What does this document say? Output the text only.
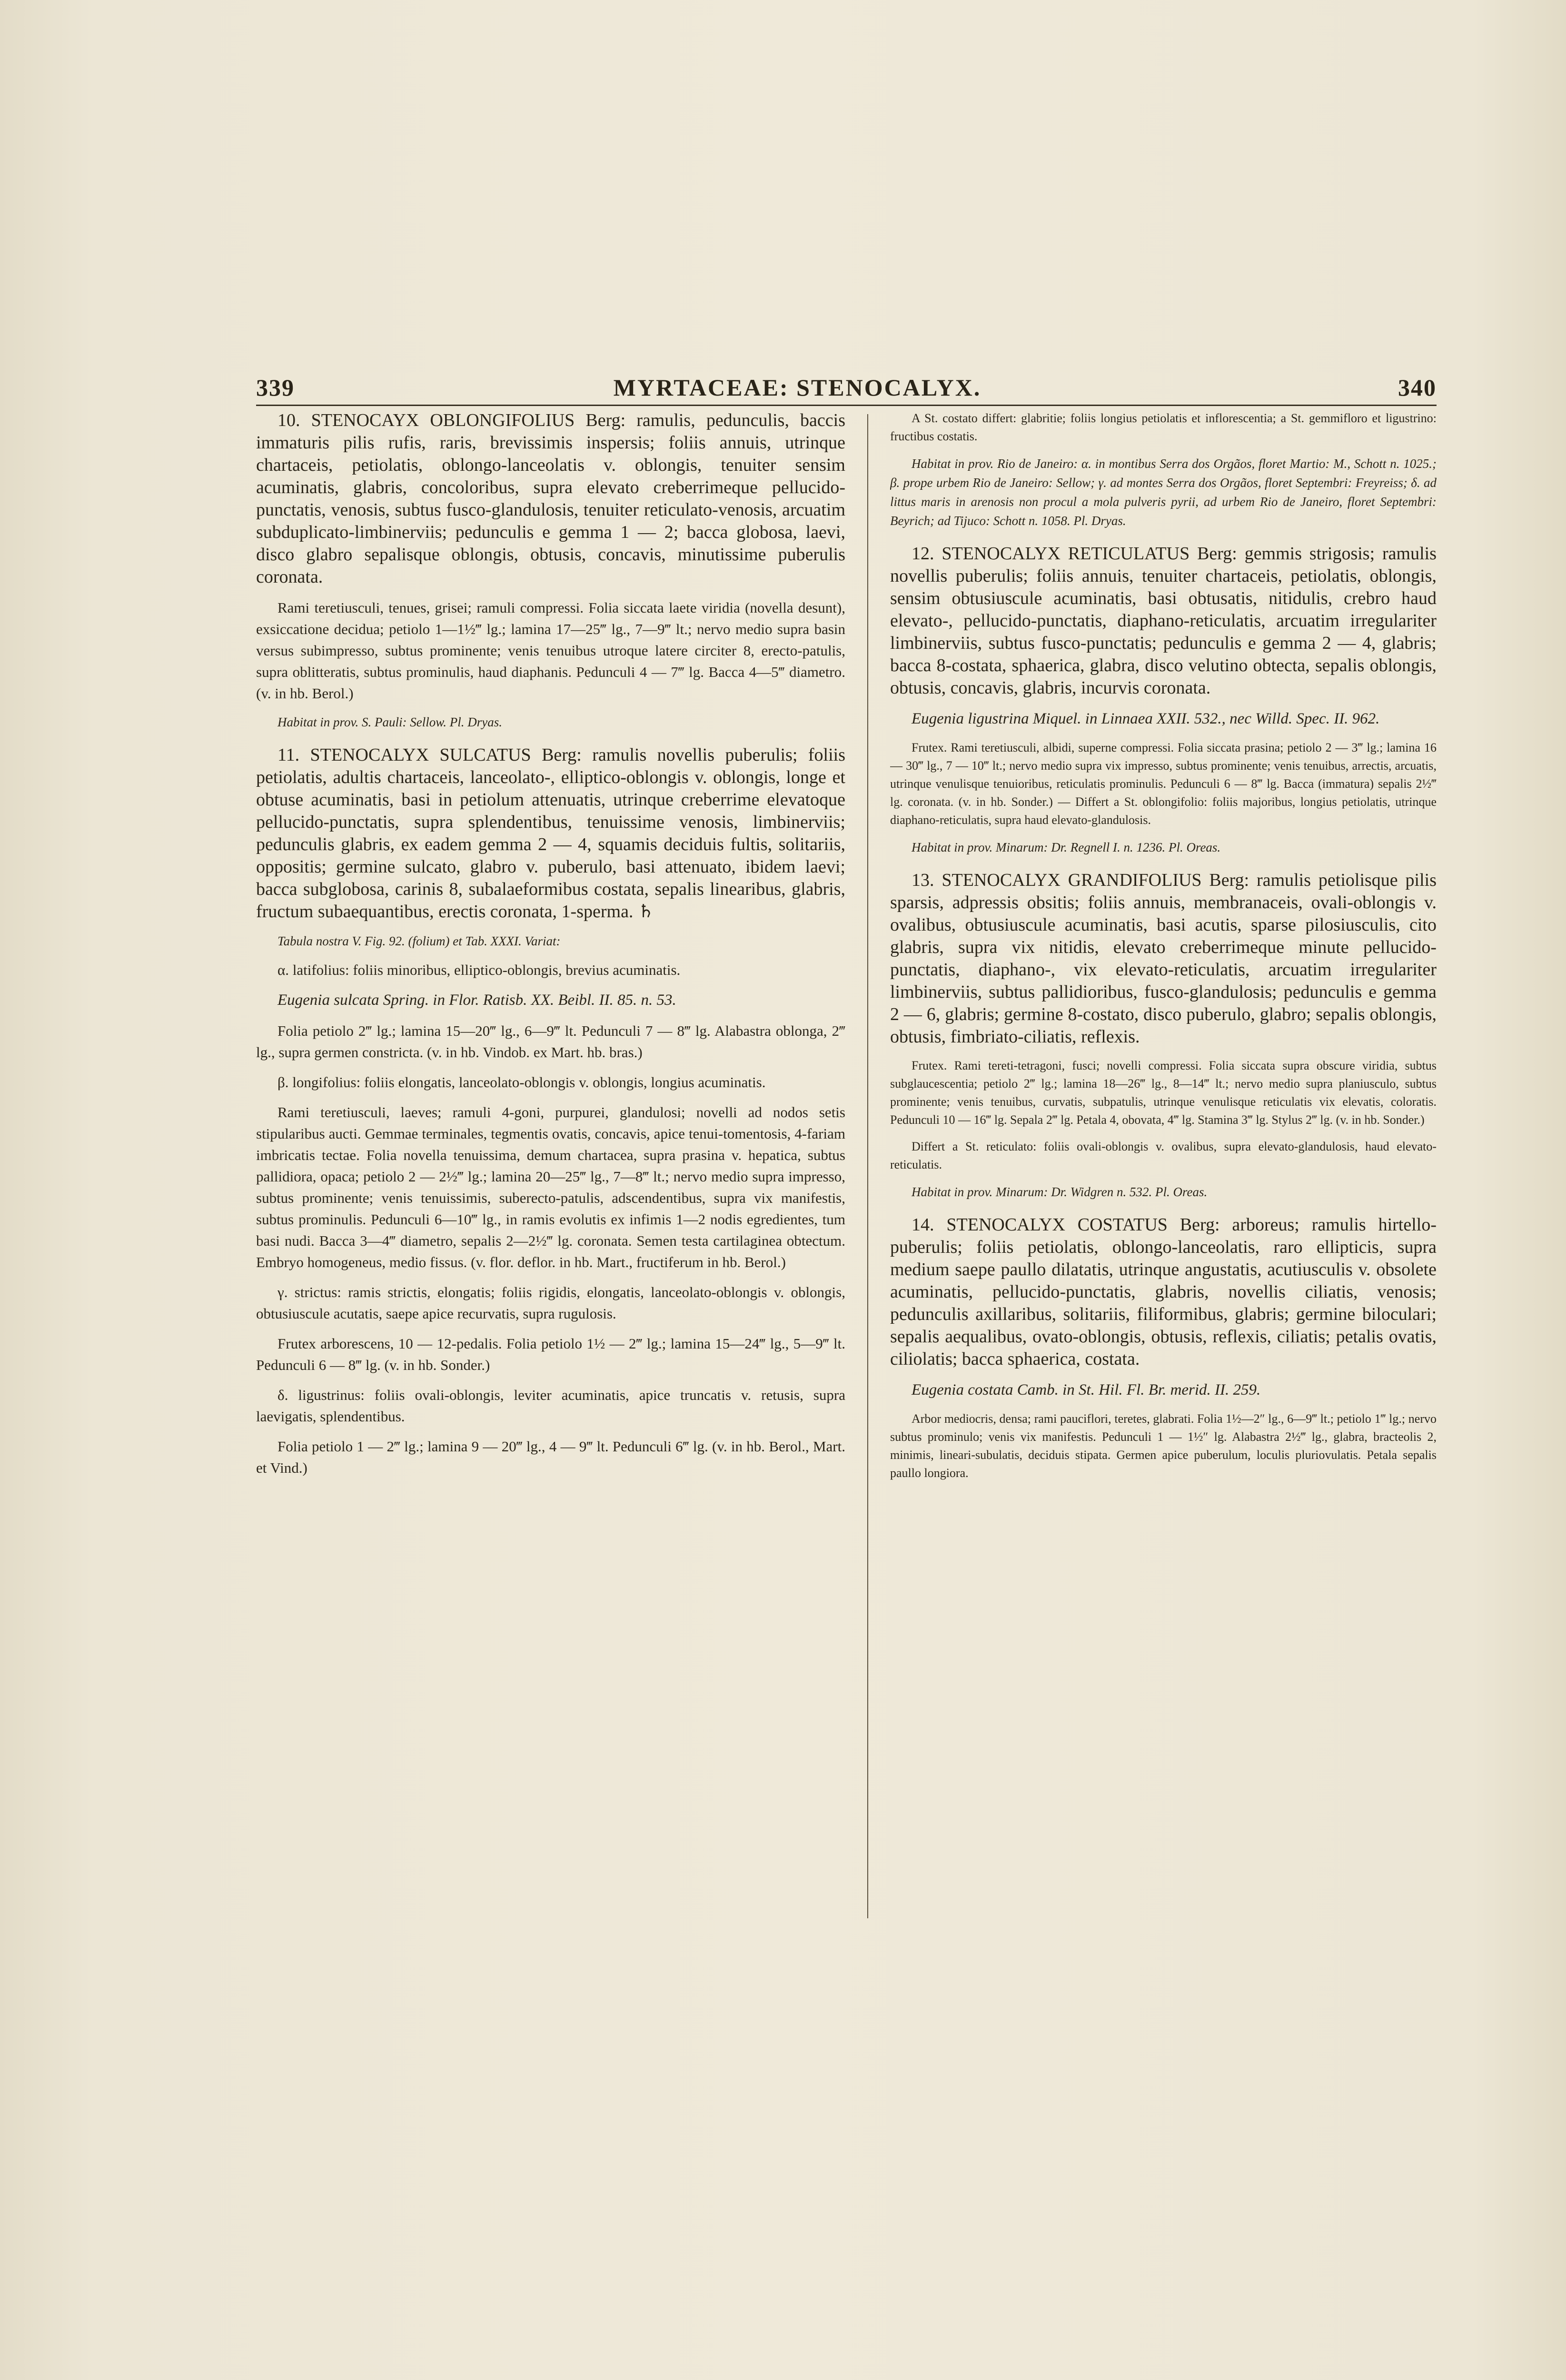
339	MYRTACEAE: STENOCALYX.	340

10. STENOCAYX OBLONGIFOLIUS Berg: ramulis, pedunculis, baccis immaturis pilis rufis, raris, brevissimis inspersis; foliis annuis, utrinque chartaceis, petiolatis, oblongo-lanceolatis v. oblongis, tenuiter sensim acuminatis, glabris, concoloribus, supra elevato creberrimeque pellucido-punctatis, venosis, subtus fusco-glandulosis, tenuiter reticulato-venosis, arcuatim subduplicato-limbinerviis; pedunculis e gemma 1 — 2; bacca globosa, laevi, disco glabro sepalisque oblongis, obtusis, concavis, minutissime puberulis coronata.

Rami teretiusculi, tenues, grisei; ramuli compressi. Folia siccata laete viridia (novella desunt), exsiccatione decidua; petiolo 1—1½‴ lg.; lamina 17—25‴ lg., 7—9‴ lt.; nervo medio supra basin versus subimpresso, subtus prominente; venis tenuibus utroque latere circiter 8, erecto-patulis, supra oblitteratis, subtus prominulis, haud diaphanis. Pedunculi 4 — 7‴ lg. Bacca 4—5‴ diametro. (v. in hb. Berol.)

Habitat in prov. S. Pauli: Sellow. Pl. Dryas.

11. STENOCALYX SULCATUS Berg: ramulis novellis puberulis; foliis petiolatis, adultis chartaceis, lanceolato-, elliptico-oblongis v. oblongis, longe et obtuse acuminatis, basi in petiolum attenuatis, utrinque creberrime elevatoque pellucido-punctatis, supra splendentibus, tenuissime venosis, limbinerviis; pedunculis glabris, ex eadem gemma 2 — 4, squamis deciduis fultis, solitariis, oppositis; germine sulcato, glabro v. puberulo, basi attenuato, ibidem laevi; bacca subglobosa, carinis 8, subalaeformibus costata, sepalis linearibus, glabris, fructum subaequantibus, erectis coronata, 1-sperma. ♄

Tabula nostra V. Fig. 92. (folium) et Tab. XXXI. Variat:

α. latifolius: foliis minoribus, elliptico-oblongis, brevius acuminatis.

Eugenia sulcata Spring. in Flor. Ratisb. XX. Beibl. II. 85. n. 53.

Folia petiolo 2‴ lg.; lamina 15—20‴ lg., 6—9‴ lt. Pedunculi 7 — 8‴ lg. Alabastra oblonga, 2‴ lg., supra germen constricta. (v. in hb. Vindob. ex Mart. hb. bras.)

β. longifolius: foliis elongatis, lanceolato-oblongis v. oblongis, longius acuminatis.

Rami teretiusculi, laeves; ramuli 4-goni, purpurei, glandulosi; novelli ad nodos setis stipularibus aucti. Gemmae terminales, tegmentis ovatis, concavis, apice tenui-tomentosis, 4-fariam imbricatis tectae. Folia novella tenuissima, demum chartacea, supra prasina v. hepatica, subtus pallidiora, opaca; petiolo 2 — 2½‴ lg.; lamina 20—25‴ lg., 7—8‴ lt.; nervo medio supra impresso, subtus prominente; venis tenuissimis, suberecto-patulis, adscendentibus, supra vix manifestis, subtus prominulis. Pedunculi 6—10‴ lg., in ramis evolutis ex infimis 1—2 nodis egredientes, tum basi nudi. Bacca 3—4‴ diametro, sepalis 2—2½‴ lg. coronata. Semen testa cartilaginea obtectum. Embryo homogeneus, medio fissus. (v. flor. deflor. in hb. Mart., fructiferum in hb. Berol.)

γ. strictus: ramis strictis, elongatis; foliis rigidis, elongatis, lanceolato-oblongis v. oblongis, obtusiuscule acutatis, saepe apice recurvatis, supra rugulosis.

Frutex arborescens, 10 — 12-pedalis. Folia petiolo 1½ — 2‴ lg.; lamina 15—24‴ lg., 5—9‴ lt. Pedunculi 6 — 8‴ lg. (v. in hb. Sonder.)

δ. ligustrinus: foliis ovali-oblongis, leviter acuminatis, apice truncatis v. retusis, supra laevigatis, splendentibus.

Folia petiolo 1 — 2‴ lg.; lamina 9 — 20‴ lg., 4 — 9‴ lt. Pedunculi 6‴ lg. (v. in hb. Berol., Mart. et Vind.)

A St. costato differt: glabritie; foliis longius petiolatis et inflorescentia; a St. gemmifloro et ligustrino: fructibus costatis.

Habitat in prov. Rio de Janeiro: α. in montibus Serra dos Orgãos, floret Martio: M., Schott n. 1025.; β. prope urbem Rio de Janeiro: Sellow; γ. ad montes Serra dos Orgãos, floret Septembri: Freyreiss; δ. ad littus maris in arenosis non procul a mola pulveris pyrii, ad urbem Rio de Janeiro, floret Septembri: Beyrich; ad Tijuco: Schott n. 1058. Pl. Dryas.

12. STENOCALYX RETICULATUS Berg: gemmis strigosis; ramulis novellis puberulis; foliis annuis, tenuiter chartaceis, petiolatis, oblongis, sensim obtusiuscule acuminatis, basi obtusatis, nitidulis, crebro haud elevato-, pellucido-punctatis, diaphano-reticulatis, arcuatim irregulariter limbinerviis, subtus fusco-punctatis; pedunculis e gemma 2 — 4, glabris; bacca 8-costata, sphaerica, glabra, disco velutino obtecta, sepalis oblongis, obtusis, concavis, glabris, incurvis coronata.

Eugenia ligustrina Miquel. in Linnaea XXII. 532., nec Willd. Spec. II. 962.

Frutex. Rami teretiusculi, albidi, superne compressi. Folia siccata prasina; petiolo 2 — 3‴ lg.; lamina 16 — 30‴ lg., 7 — 10‴ lt.; nervo medio supra vix impresso, subtus prominente; venis tenuibus, arrectis, arcuatis, utrinque venulisque tenuioribus, reticulatis prominulis. Pedunculi 6 — 8‴ lg. Bacca (immatura) sepalis 2½‴ lg. coronata. (v. in hb. Sonder.) — Differt a St. oblongifolio: foliis majoribus, longius petiolatis, utrinque diaphano-reticulatis, supra haud elevato-glandulosis.

Habitat in prov. Minarum: Dr. Regnell I. n. 1236. Pl. Oreas.

13. STENOCALYX GRANDIFOLIUS Berg: ramulis petiolisque pilis sparsis, adpressis obsitis; foliis annuis, membranaceis, ovali-oblongis v. ovalibus, obtusiuscule acuminatis, basi acutis, sparse pilosiusculis, cito glabris, supra vix nitidis, elevato creberrimeque minute pellucido-punctatis, diaphano-, vix elevato-reticulatis, arcuatim irregulariter limbinerviis, subtus pallidioribus, fusco-glandulosis; pedunculis e gemma 2 — 6, glabris; germine 8-costato, disco puberulo, glabro; sepalis oblongis, obtusis, fimbriato-ciliatis, reflexis.

Frutex. Rami tereti-tetragoni, fusci; novelli compressi. Folia siccata supra obscure viridia, subtus subglaucescentia; petiolo 2‴ lg.; lamina 18—26‴ lg., 8—14‴ lt.; nervo medio supra planiusculo, subtus prominente; venis tenuibus, curvatis, subpatulis, utrinque venulisque reticulatis vix elevatis, coloratis. Pedunculi 10 — 16‴ lg. Sepala 2‴ lg. Petala 4, obovata, 4‴ lg. Stamina 3‴ lg. Stylus 2‴ lg. (v. in hb. Sonder.)

Differt a St. reticulato: foliis ovali-oblongis v. ovalibus, supra elevato-glandulosis, haud elevato-reticulatis.

Habitat in prov. Minarum: Dr. Widgren n. 532. Pl. Oreas.

14. STENOCALYX COSTATUS Berg: arboreus; ramulis hirtello-puberulis; foliis petiolatis, oblongo-lanceolatis, raro ellipticis, supra medium saepe paullo dilatatis, utrinque angustatis, acutiusculis v. obsolete acuminatis, pellucido-punctatis, glabris, novellis ciliatis, venosis; pedunculis axillaribus, solitariis, filiformibus, glabris; germine biloculari; sepalis aequalibus, ovato-oblongis, obtusis, reflexis, ciliatis; petalis ovatis, ciliolatis; bacca sphaerica, costata.

Eugenia costata Camb. in St. Hil. Fl. Br. merid. II. 259.

Arbor mediocris, densa; rami pauciflori, teretes, glabrati. Folia 1½—2″ lg., 6—9‴ lt.; petiolo 1‴ lg.; nervo subtus prominulo; venis vix manifestis. Pedunculi 1 — 1½″ lg. Alabastra 2½‴ lg., glabra, bracteolis 2, minimis, lineari-subulatis, deciduis stipata. Germen apice puberulum, loculis pluriovulatis. Petala sepalis paullo longiora.
